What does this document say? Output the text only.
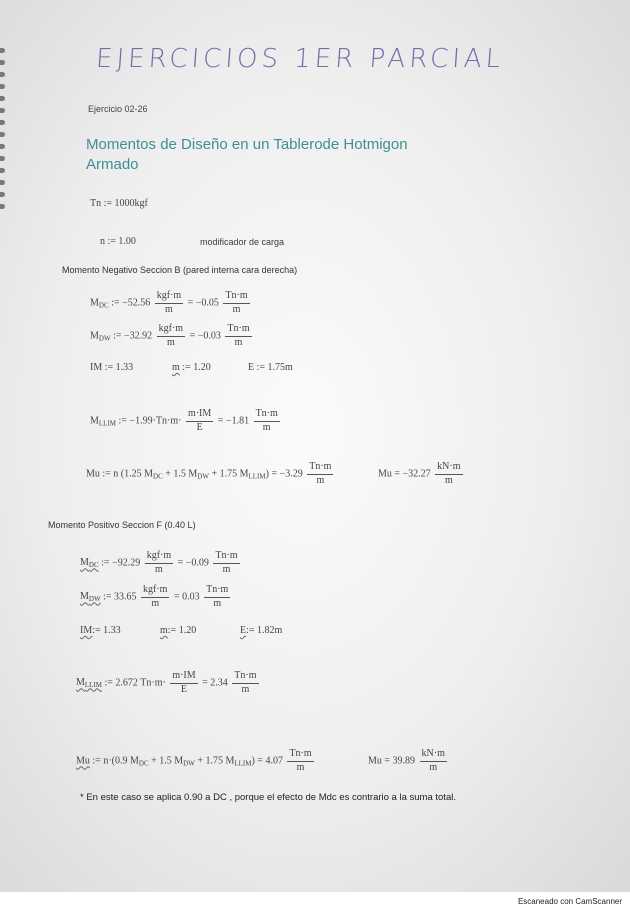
EJERCICIOS 1ER PARCIAL
Ejercicio 02-26
Momentos de Diseño en un Tablerode Hotmigon
Armado
Tn := 1000kgf
n := 1.00	modificador de carga
Momento Negativo Seccion B (pared interna cara derecha)
$M_{DC}$ := $-52.56 \frac{\text{kgf·m}}{m} = -0.05 \frac{Tn\cdot m}{m}$
$M_{DW}$ := $-32.92 \frac{\text{kgf·m}}{m} = -0.03 \frac{Tn\cdot m}{m}$
IM := 1.33	m := 1.20	E := 1.75m
$M_{LLIM}$ := $-1.99\cdot Tn\cdot m\cdot \frac{m\cdot IM}{E} = -1.81 \frac{Tn\cdot m}{m}$
Mu := n (1.25 $M_{DC} + 1.5$ $M_{DW} + 1.75$ $M_{LLIM}) = -3.29 \frac{Tn\cdot m}{m}$	$Mu = -32.27 \frac{kN\cdot m}{m}$
Momento Positivo Seccion F (0.40 L)
$M_{DC}$ := $-92.29 \frac{\text{kgf·m}}{m} = -0.09 \frac{Tn\cdot m}{m}$
$M_{DW}$ := $33.65 \frac{\text{kgf·m}}{m} = 0.03 \frac{Tn\cdot m}{m}$
IM:= 1.33	m:= 1.20	E:= 1.82m
$M_{LLIM}$ := 2.672 $Tn\cdot m\cdot \frac{m\cdot IM}{E} = 2.34 \frac{Tn\cdot m}{m}$
Mu := n·(0.9 $M_{DC} + 1.5$ $M_{DW} + 1.75$ $M_{LLIM}) = 4.07 \frac{Tn\cdot m}{m}$	$Mu = 39.89 \frac{kN\cdot m}{m}$
* En este caso se aplica 0.90 a DC , porque el efecto de Mdc es contrario a la suma total.
Escaneado con CamScanner
